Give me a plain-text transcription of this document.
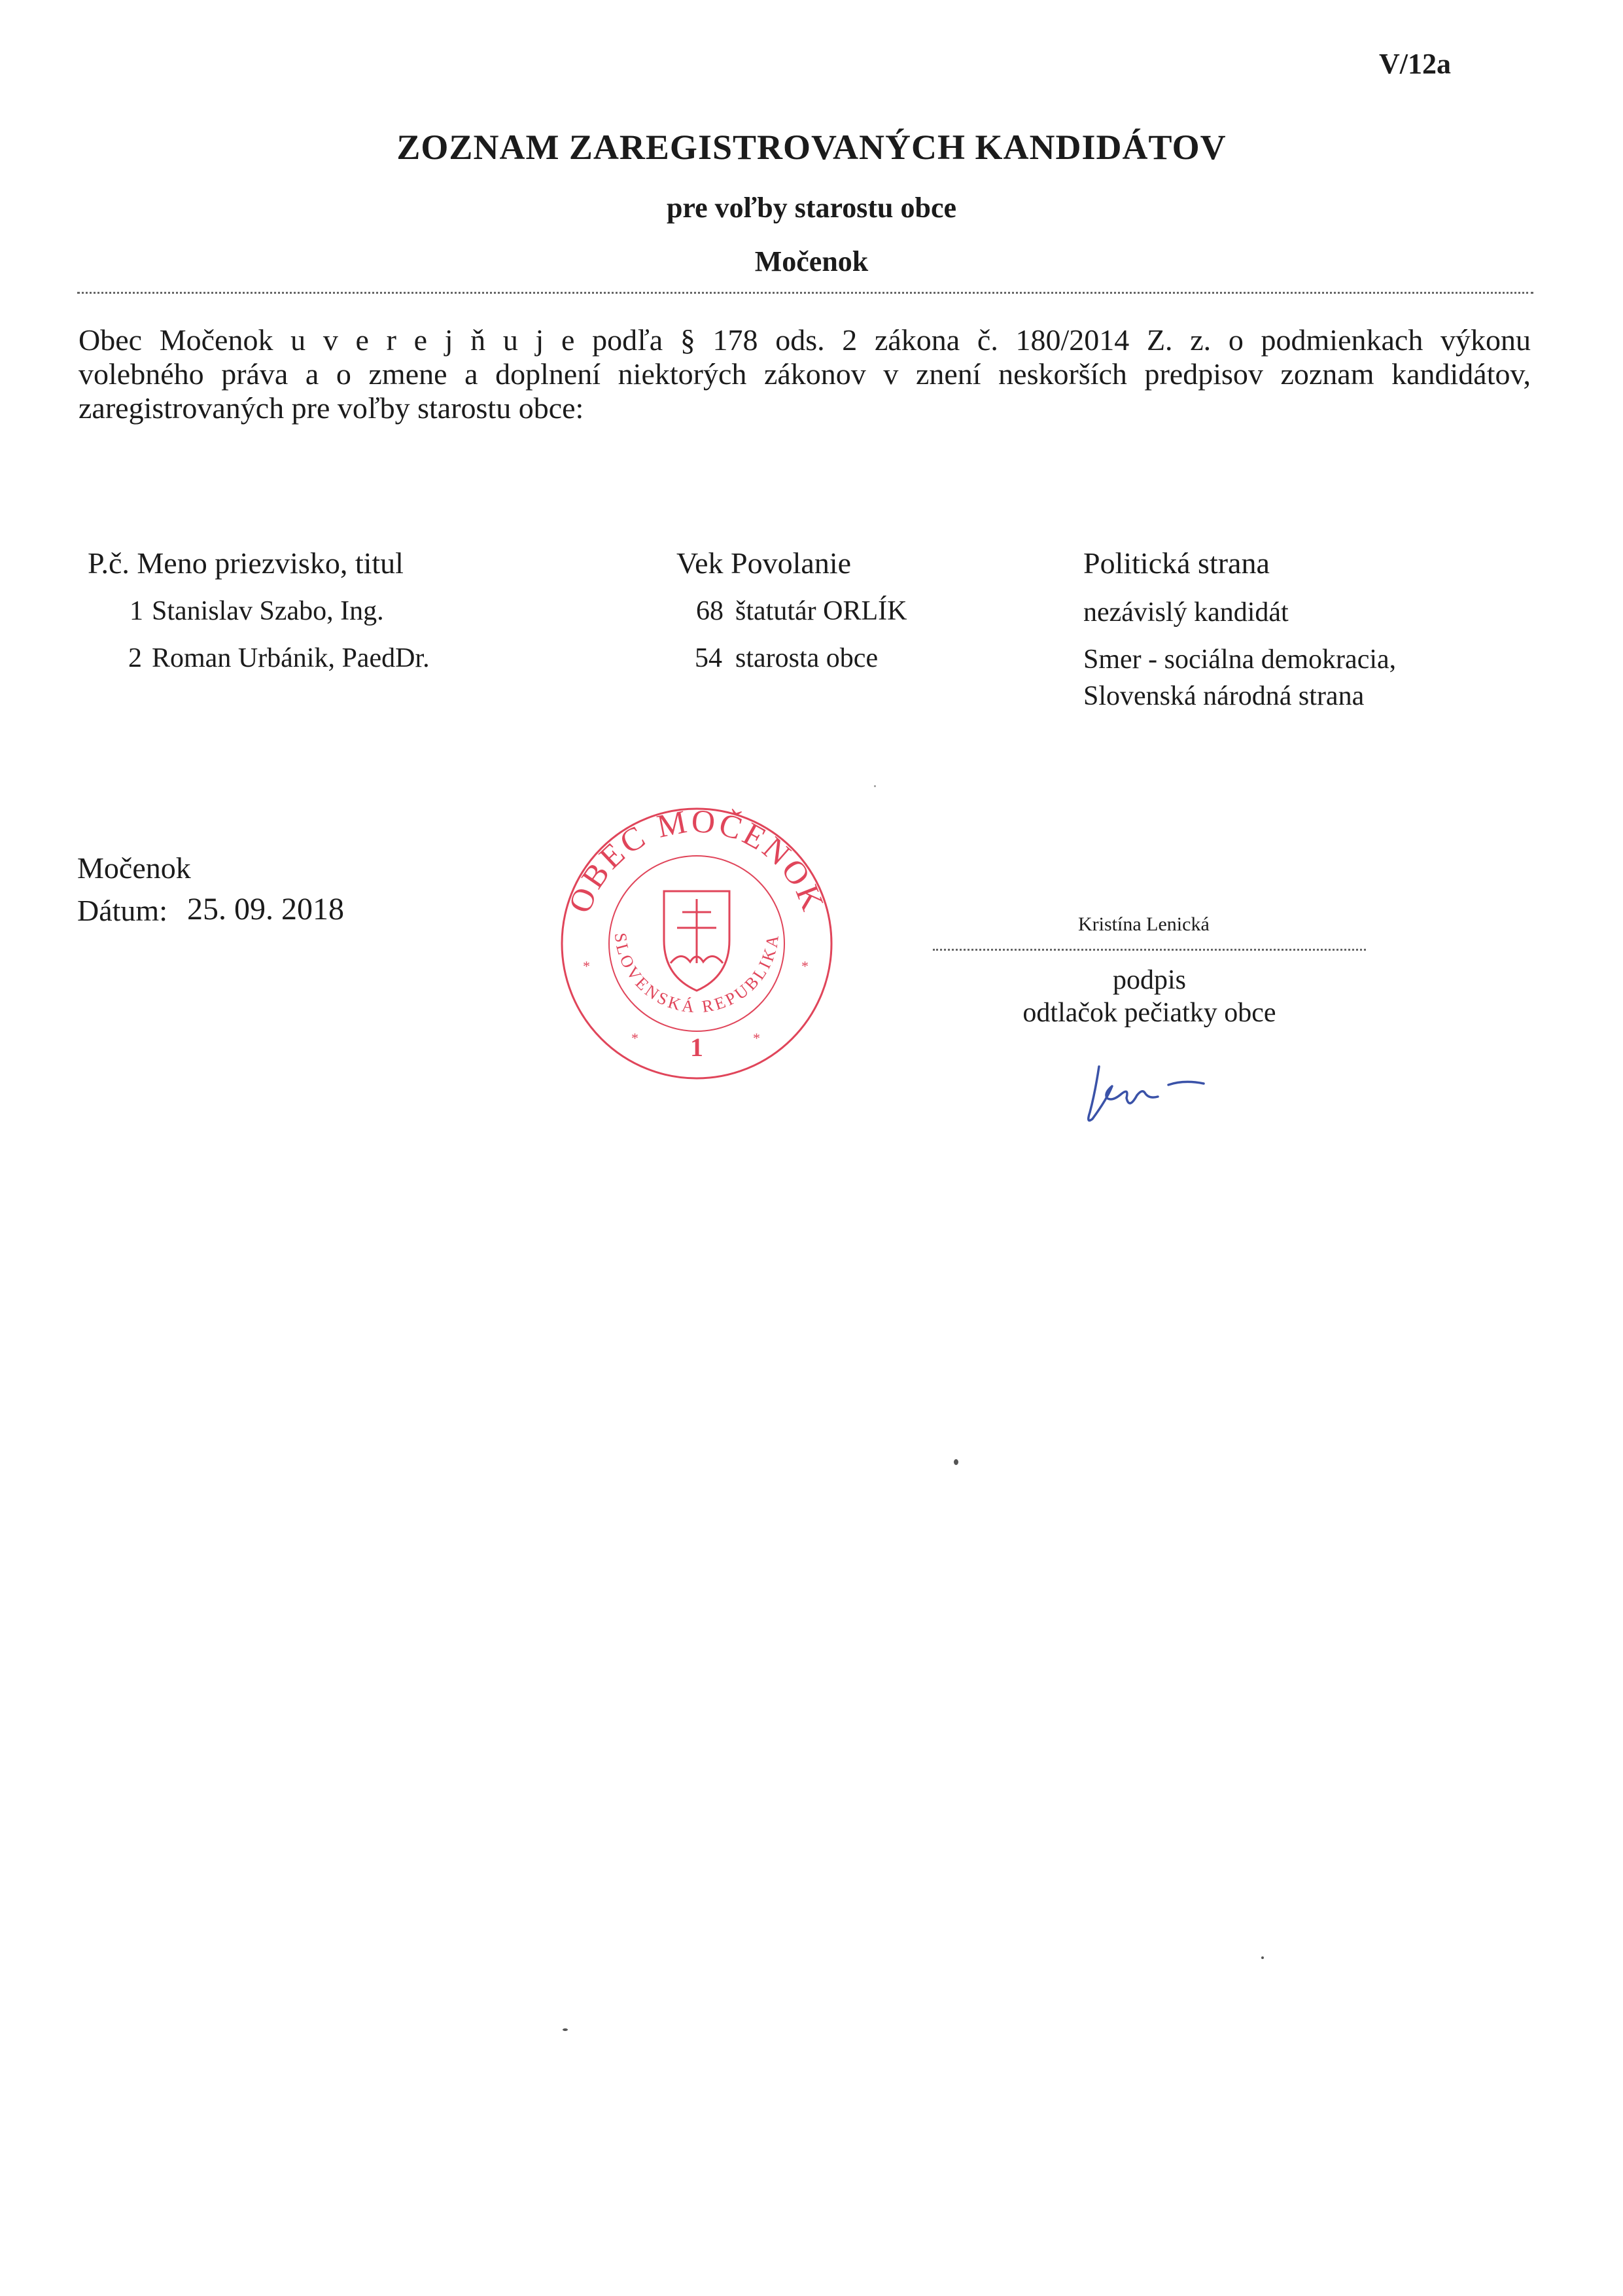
V/12a
ZOZNAM ZAREGISTROVANÝCH KANDIDÁTOV
pre voľby starostu obce
Močenok

Obec Močenok u v e r e j ň u j e podľa § 178 ods. 2 zákona č. 180/2014 Z. z. o podmienkach výkonu

volebného práva a o zmene a doplnení niektorých zákonov v znení neskorších predpisov zoznam kandidátov,

zaregistrovaných pre voľby starostu obce:

P.č. Meno priezvisko, titul	Vek Povolanie	Politická strana
1 Stanislav Szabo, Ing.	68 štatutár ORLÍK	nezávislý kandidát
2 Roman Urbánik, PaedDr.	54 starosta obce	Smer - sociálna demokracia,
Slovenská národná strana
Močenok
Dátum: 25. 09. 2018	OBEC MOČENOK
SLOVENSKÁ REPUBLIKA
*	*
*	*
1
Kristína Lenická
podpis
odtlačok pečiatky obce
